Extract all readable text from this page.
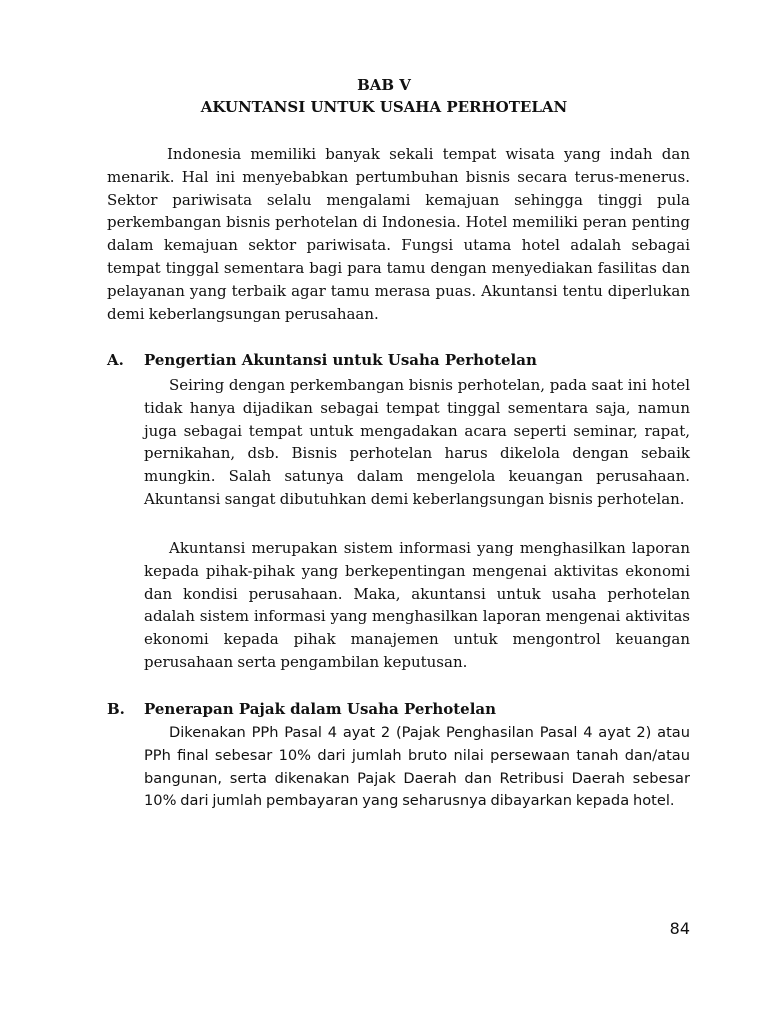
BAB V
AKUNTANSI UNTUK USAHA PERHOTELAN

Indonesia memiliki banyak sekali tempat wisata yang indah dan menarik. Hal ini menyebabkan pertumbuhan bisnis secara terus-menerus. Sektor pariwisata selalu mengalami kemajuan sehingga tinggi pula perkembangan bisnis perhotelan di Indonesia. Hotel memiliki peran penting dalam kemajuan sektor pariwisata. Fungsi utama hotel adalah sebagai tempat tinggal sementara bagi para tamu dengan menyediakan fasilitas dan pelayanan yang terbaik agar tamu merasa puas. Akuntansi tentu diperlukan demi keberlangsungan perusahaan.

A. Pengertian Akuntansi untuk Usaha Perhotelan

Seiring dengan perkembangan bisnis perhotelan, pada saat ini hotel tidak hanya dijadikan sebagai tempat tinggal sementara saja, namun juga sebagai tempat untuk mengadakan acara seperti seminar, rapat, pernikahan, dsb. Bisnis perhotelan harus dikelola dengan sebaik mungkin. Salah satunya dalam mengelola keuangan perusahaan. Akuntansi sangat dibutuhkan demi keberlangsungan bisnis perhotelan.

Akuntansi merupakan sistem informasi yang menghasilkan laporan kepada pihak-pihak yang berkepentingan mengenai aktivitas ekonomi dan kondisi perusahaan. Maka, akuntansi untuk usaha perhotelan adalah sistem informasi yang menghasilkan laporan mengenai aktivitas ekonomi kepada pihak manajemen untuk mengontrol keuangan perusahaan serta pengambilan keputusan.

B. Penerapan Pajak dalam Usaha Perhotelan

Dikenakan PPh Pasal 4 ayat 2 (Pajak Penghasilan Pasal 4 ayat 2) atau PPh final sebesar 10% dari jumlah bruto nilai persewaan tanah dan/atau bangunan, serta dikenakan Pajak Daerah dan Retribusi Daerah sebesar 10% dari jumlah pembayaran yang seharusnya dibayarkan kepada hotel.

84
